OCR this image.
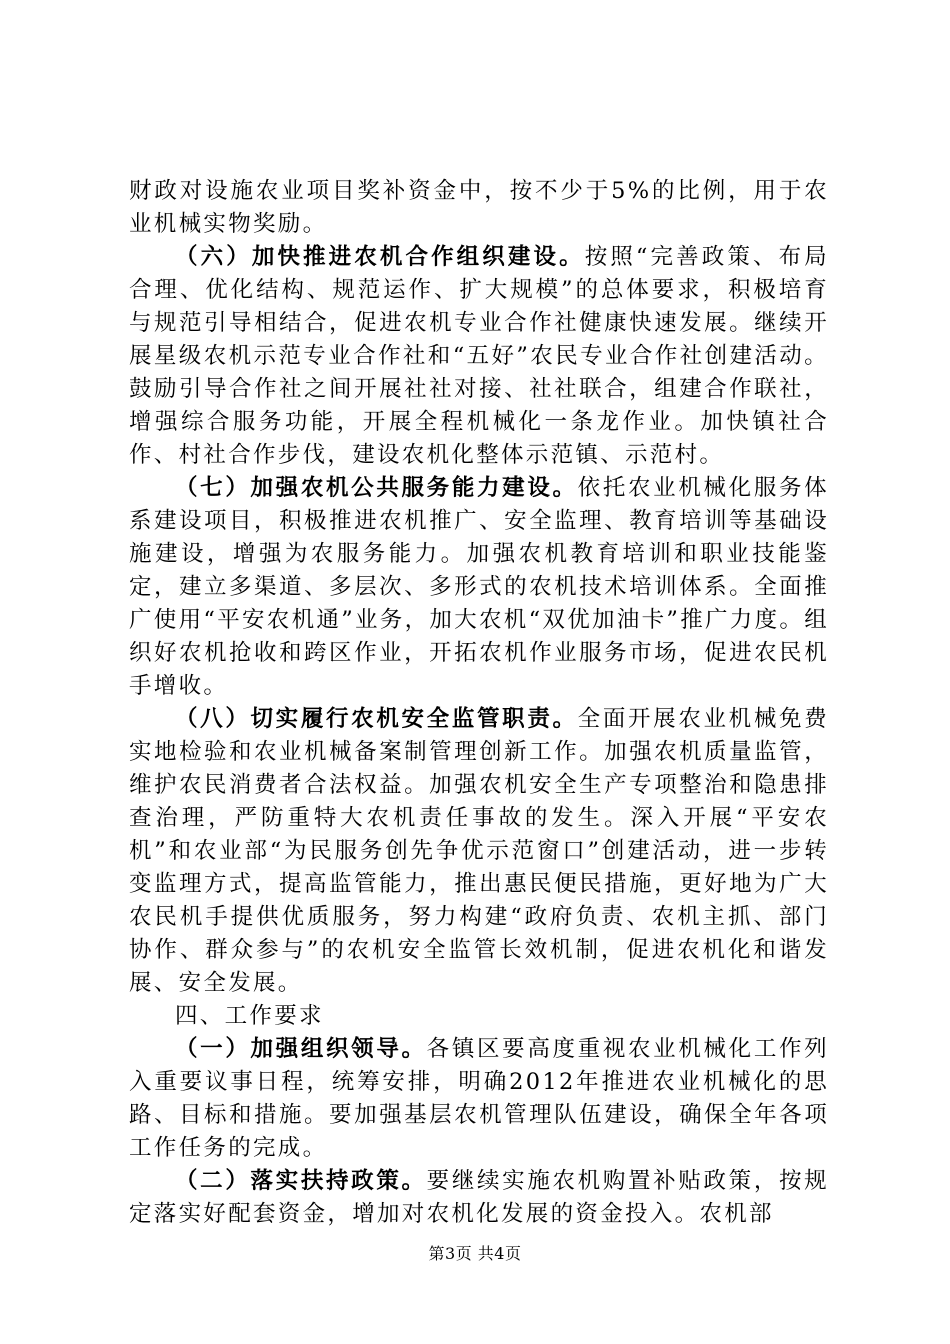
财政对设施农业项目奖补资金中，按不少于5%的比例，用于农业机械实物奖励。

（六）加快推进农机合作组织建设。按照“完善政策、布局合理、优化结构、规范运作、扩大规模”的总体要求，积极培育与规范引导相结合，促进农机专业合作社健康快速发展。继续开展星级农机示范专业合作社和“五好”农民专业合作社创建活动。鼓励引导合作社之间开展社社对接、社社联合，组建合作联社，增强综合服务功能，开展全程机械化一条龙作业。加快镇社合作、村社合作步伐，建设农机化整体示范镇、示范村。

（七）加强农机公共服务能力建设。依托农业机械化服务体系建设项目，积极推进农机推广、安全监理、教育培训等基础设施建设，增强为农服务能力。加强农机教育培训和职业技能鉴定，建立多渠道、多层次、多形式的农机技术培训体系。全面推广使用“平安农机通”业务，加大农机“双优加油卡”推广力度。组织好农机抢收和跨区作业，开拓农机作业服务市场，促进农民机手增收。

（八）切实履行农机安全监管职责。全面开展农业机械免费实地检验和农业机械备案制管理创新工作。加强农机质量监管，维护农民消费者合法权益。加强农机安全生产专项整治和隐患排查治理，严防重特大农机责任事故的发生。深入开展“平安农机”和农业部“为民服务创先争优示范窗口”创建活动，进一步转变监理方式，提高监管能力，推出惠民便民措施，更好地为广大农民机手提供优质服务，努力构建“政府负责、农机主抓、部门协作、群众参与”的农机安全监管长效机制，促进农机化和谐发展、安全发展。

四、工作要求

（一）加强组织领导。各镇区要高度重视农业机械化工作列入重要议事日程，统筹安排，明确2012年推进农业机械化的思路、目标和措施。要加强基层农机管理队伍建设，确保全年各项工作任务的完成。

（二）落实扶持政策。要继续实施农机购置补贴政策，按规定落实好配套资金，增加对农机化发展的资金投入。农机部

第3页 共4页
